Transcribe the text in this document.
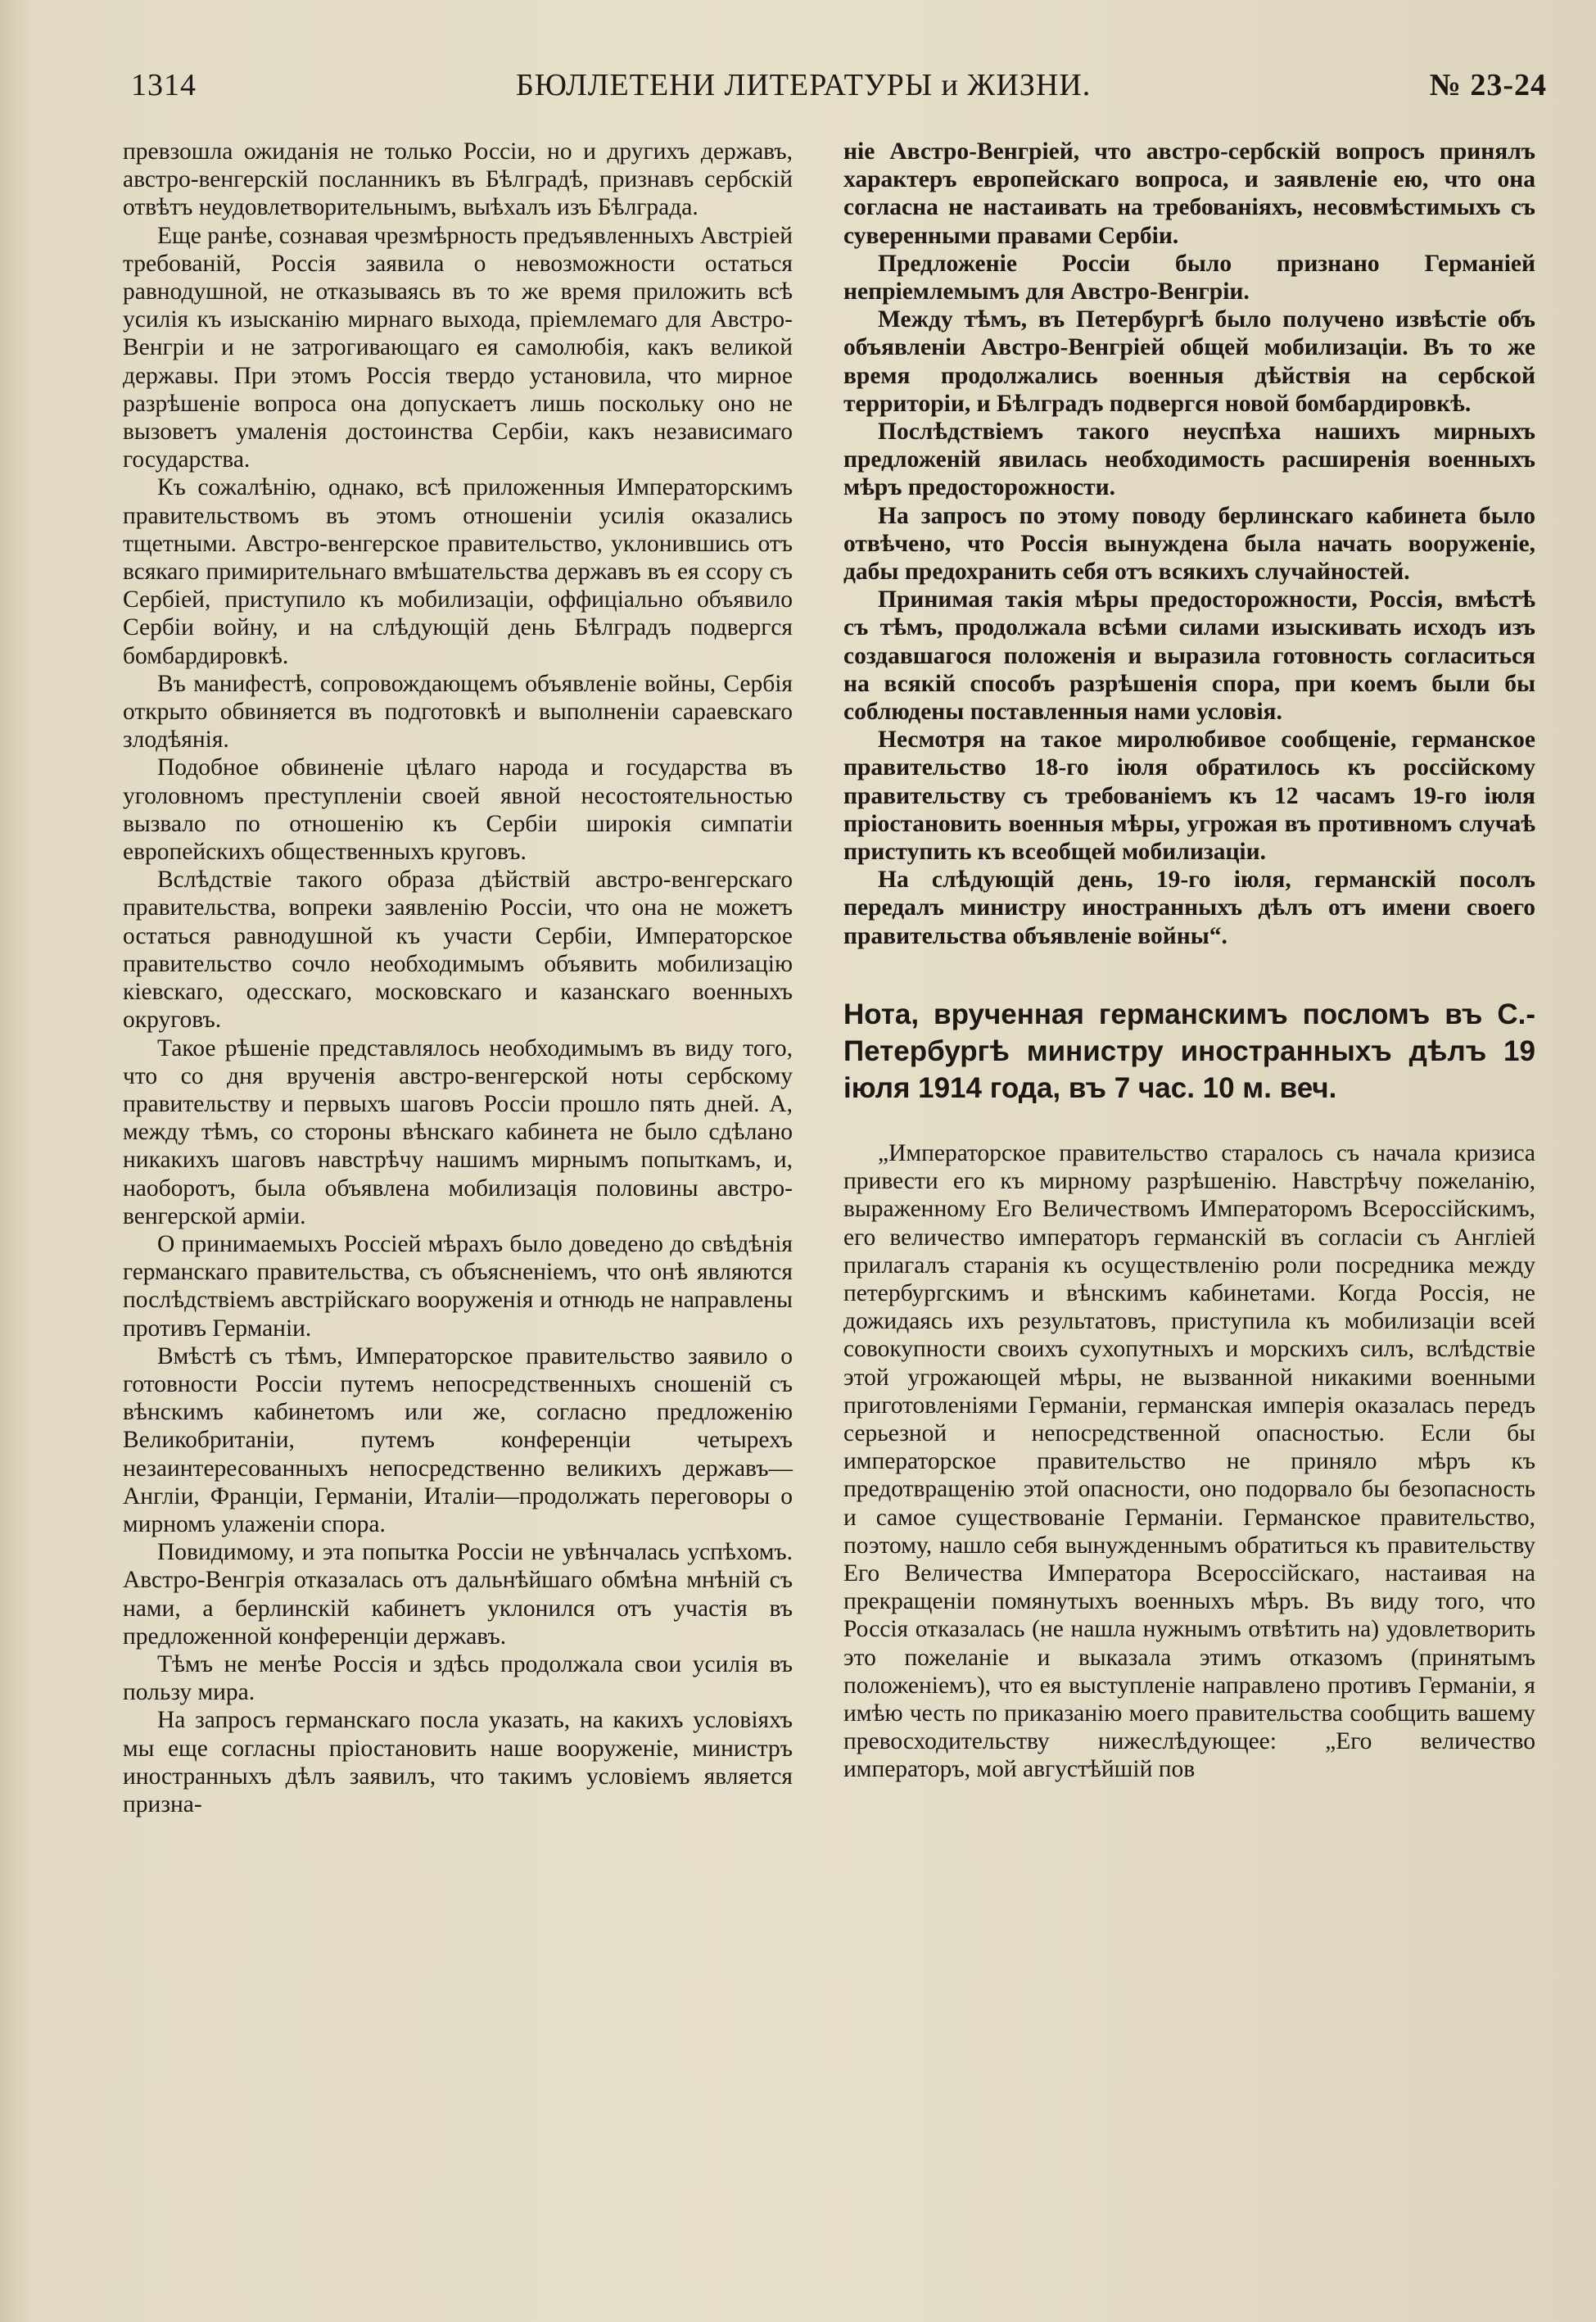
1314	БЮЛЛЕТЕНИ ЛИТЕРАТУРЫ и ЖИЗНИ.	№ 23-24

превзошла ожиданія не только Россіи, но и другихъ державъ, австро-венгерскій посланникъ въ Бѣлградѣ, признавъ сербскій отвѣтъ неудовлетворительнымъ, выѣхалъ изъ Бѣлграда.

Еще ранѣе, сознавая чрезмѣрность предъявленныхъ Австріей требованій, Россія заявила о невозможности остаться равнодушной, не отказываясь въ то же время приложить всѣ усилія къ изысканію мирнаго выхода, пріемлемаго для Австро-Венгріи и не затрогивающаго ея самолюбія, какъ великой державы. При этомъ Россія твердо установила, что мирное разрѣшеніе вопроса она допускаетъ лишь поскольку оно не вызоветъ умаленія достоинства Сербіи, какъ независимаго государства.

Къ сожалѣнію, однако, всѣ приложенныя Императорскимъ правительствомъ въ этомъ отношеніи усилія оказались тщетными. Австро-венгерское правительство, уклонившись отъ всякаго примирительнаго вмѣшательства державъ въ ея ссору съ Сербіей, приступило къ мобилизаціи, оффиціально объявило Сербіи войну, и на слѣдующій день Бѣлградъ подвергся бомбардировкѣ.

Въ манифестѣ, сопровождающемъ объявленіе войны, Сербія открыто обвиняется въ подготовкѣ и выполненіи сараевскаго злодѣянія.

Подобное обвиненіе цѣлаго народа и государства въ уголовномъ преступленіи своей явной несостоятельностью вызвало по отношенію къ Сербіи широкія симпатіи европейскихъ общественныхъ круговъ.

Вслѣдствіе такого образа дѣйствій австро-венгерскаго правительства, вопреки заявленію Россіи, что она не можетъ остаться равнодушной къ участи Сербіи, Императорское правительство сочло необходимымъ объявить мобилизацію кіевскаго, одесскаго, московскаго и казанскаго военныхъ округовъ.

Такое рѣшеніе представлялось необходимымъ въ виду того, что со дня врученія австро-венгерской ноты сербскому правительству и первыхъ шаговъ Россіи прошло пять дней. А, между тѣмъ, со стороны вѣнскаго кабинета не было сдѣлано никакихъ шаговъ навстрѣчу нашимъ мирнымъ попыткамъ, и, наоборотъ, была объявлена мобилизація половины австро-венгерской арміи.

О принимаемыхъ Россіей мѣрахъ было доведено до свѣдѣнія германскаго правительства, съ объясненіемъ, что онѣ являются послѣдствіемъ австрійскаго вооруженія и отнюдь не направлены противъ Германіи.

Вмѣстѣ съ тѣмъ, Императорское правительство заявило о готовности Россіи путемъ непосредственныхъ сношеній съ вѣнскимъ кабинетомъ или же, согласно предложенію Великобританіи, путемъ конференціи четырехъ незаинтересованныхъ непосредственно великихъ державъ—Англіи, Франціи, Германіи, Италіи—продолжать переговоры о мирномъ улаженіи спора.

Повидимому, и эта попытка Россіи не увѣнчалась успѣхомъ. Австро-Венгрія отказалась отъ дальнѣйшаго обмѣна мнѣній съ нами, а берлинскій кабинетъ уклонился отъ участія въ предложенной конференціи державъ.

Тѣмъ не менѣе Россія и здѣсь продолжала свои усилія въ пользу мира.

На запросъ германскаго посла указать, на какихъ условіяхъ мы еще согласны пріостановить наше вооруженіе, министръ иностранныхъ дѣлъ заявилъ, что такимъ условіемъ является призна-

ніе Австро-Венгріей, что австро-сербскій вопросъ принялъ характеръ европейскаго вопроса, и заявленіе ею, что она согласна не настаивать на требованіяхъ, несовмѣстимыхъ съ суверенными правами Сербіи.

Предложеніе Россіи было признано Германіей непріемлемымъ для Австро-Венгріи.

Между тѣмъ, въ Петербургѣ было получено извѣстіе объ объявленіи Австро-Венгріей общей мобилизаціи. Въ то же время продолжались военныя дѣйствія на сербской территоріи, и Бѣлградъ подвергся новой бомбардировкѣ.

Послѣдствіемъ такого неуспѣха нашихъ мирныхъ предложеній явилась необходимость расширенія военныхъ мѣръ предосторожности.

На запросъ по этому поводу берлинскаго кабинета было отвѣчено, что Россія вынуждена была начать вооруженіе, дабы предохранить себя отъ всякихъ случайностей.

Принимая такія мѣры предосторожности, Россія, вмѣстѣ съ тѣмъ, продолжала всѣми силами изыскивать исходъ изъ создавшагося положенія и выразила готовность согласиться на всякій способъ разрѣшенія спора, при коемъ были бы соблюдены поставленныя нами условія.

Несмотря на такое миролюбивое сообщеніе, германское правительство 18-го іюля обратилось къ россійскому правительству съ требованіемъ къ 12 часамъ 19-го іюля пріостановить военныя мѣры, угрожая въ противномъ случаѣ приступить къ всеобщей мобилизаціи.

На слѣдующій день, 19-го іюля, германскій посолъ передалъ министру иностранныхъ дѣлъ отъ имени своего правительства объявленіе войны“.

Нота, врученная германскимъ посломъ въ С.-Петербургѣ министру иностранныхъ дѣлъ 19 іюля 1914 года, въ 7 час. 10 м. веч.

„Императорское правительство старалось съ начала кризиса привести его къ мирному разрѣшенію. Навстрѣчу пожеланію, выраженному Его Величествомъ Императоромъ Всероссійскимъ, его величество императоръ германскій въ согласіи съ Англіей прилагалъ старанія къ осуществленію роли посредника между петербургскимъ и вѣнскимъ кабинетами. Когда Россія, не дожидаясь ихъ результатовъ, приступила къ мобилизаціи всей совокупности своихъ сухопутныхъ и морскихъ силъ, вслѣдствіе этой угрожающей мѣры, не вызванной никакими военными приготовленіями Германіи, германская имперія оказалась передъ серьезной и непосредственной опасностью. Если бы императорское правительство не приняло мѣръ къ предотвращенію этой опасности, оно подорвало бы безопасность и самое существованіе Германіи. Германское правительство, поэтому, нашло себя вынужденнымъ обратиться къ правительству Его Величества Императора Всероссійскаго, настаивая на прекращеніи помянутыхъ военныхъ мѣръ. Въ виду того, что Россія отказалась (не нашла нужнымъ отвѣтить на) удовлетворить это пожеланіе и выказала этимъ отказомъ (принятымъ положеніемъ), что ея выступленіе направлено противъ Германіи, я имѣю честь по приказанію моего правительства сообщить вашему превосходительству нижеслѣдующее: „Его величество императоръ, мой августѣйшій пов
